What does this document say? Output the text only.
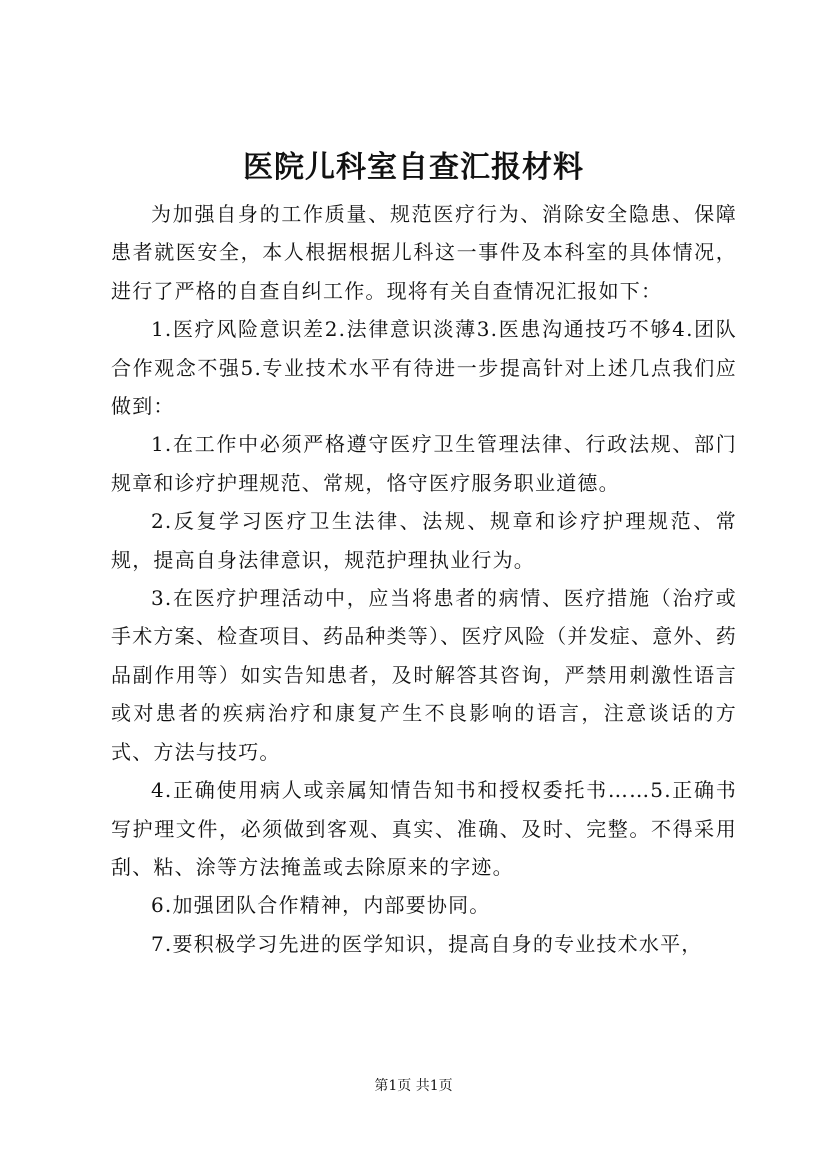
医院儿科室自查汇报材料

为加强自身的工作质量、规范医疗行为、消除安全隐患、保障患者就医安全，本人根据根据儿科这一事件及本科室的具体情况，进行了严格的自查自纠工作。现将有关自查情况汇报如下：

1.医疗风险意识差2.法律意识淡薄3.医患沟通技巧不够4.团队合作观念不强5.专业技术水平有待进一步提高针对上述几点我们应做到：

1.在工作中必须严格遵守医疗卫生管理法律、行政法规、部门规章和诊疗护理规范、常规，恪守医疗服务职业道德。

2.反复学习医疗卫生法律、法规、规章和诊疗护理规范、常规，提高自身法律意识，规范护理执业行为。

3.在医疗护理活动中，应当将患者的病情、医疗措施（治疗或手术方案、检查项目、药品种类等）、医疗风险（并发症、意外、药品副作用等）如实告知患者，及时解答其咨询，严禁用刺激性语言或对患者的疾病治疗和康复产生不良影响的语言，注意谈话的方式、方法与技巧。

4.正确使用病人或亲属知情告知书和授权委托书……5.正确书写护理文件，必须做到客观、真实、准确、及时、完整。不得采用刮、粘、涂等方法掩盖或去除原来的字迹。

6.加强团队合作精神，内部要协同。

7.要积极学习先进的医学知识，提高自身的专业技术水平，

第1页 共1页
